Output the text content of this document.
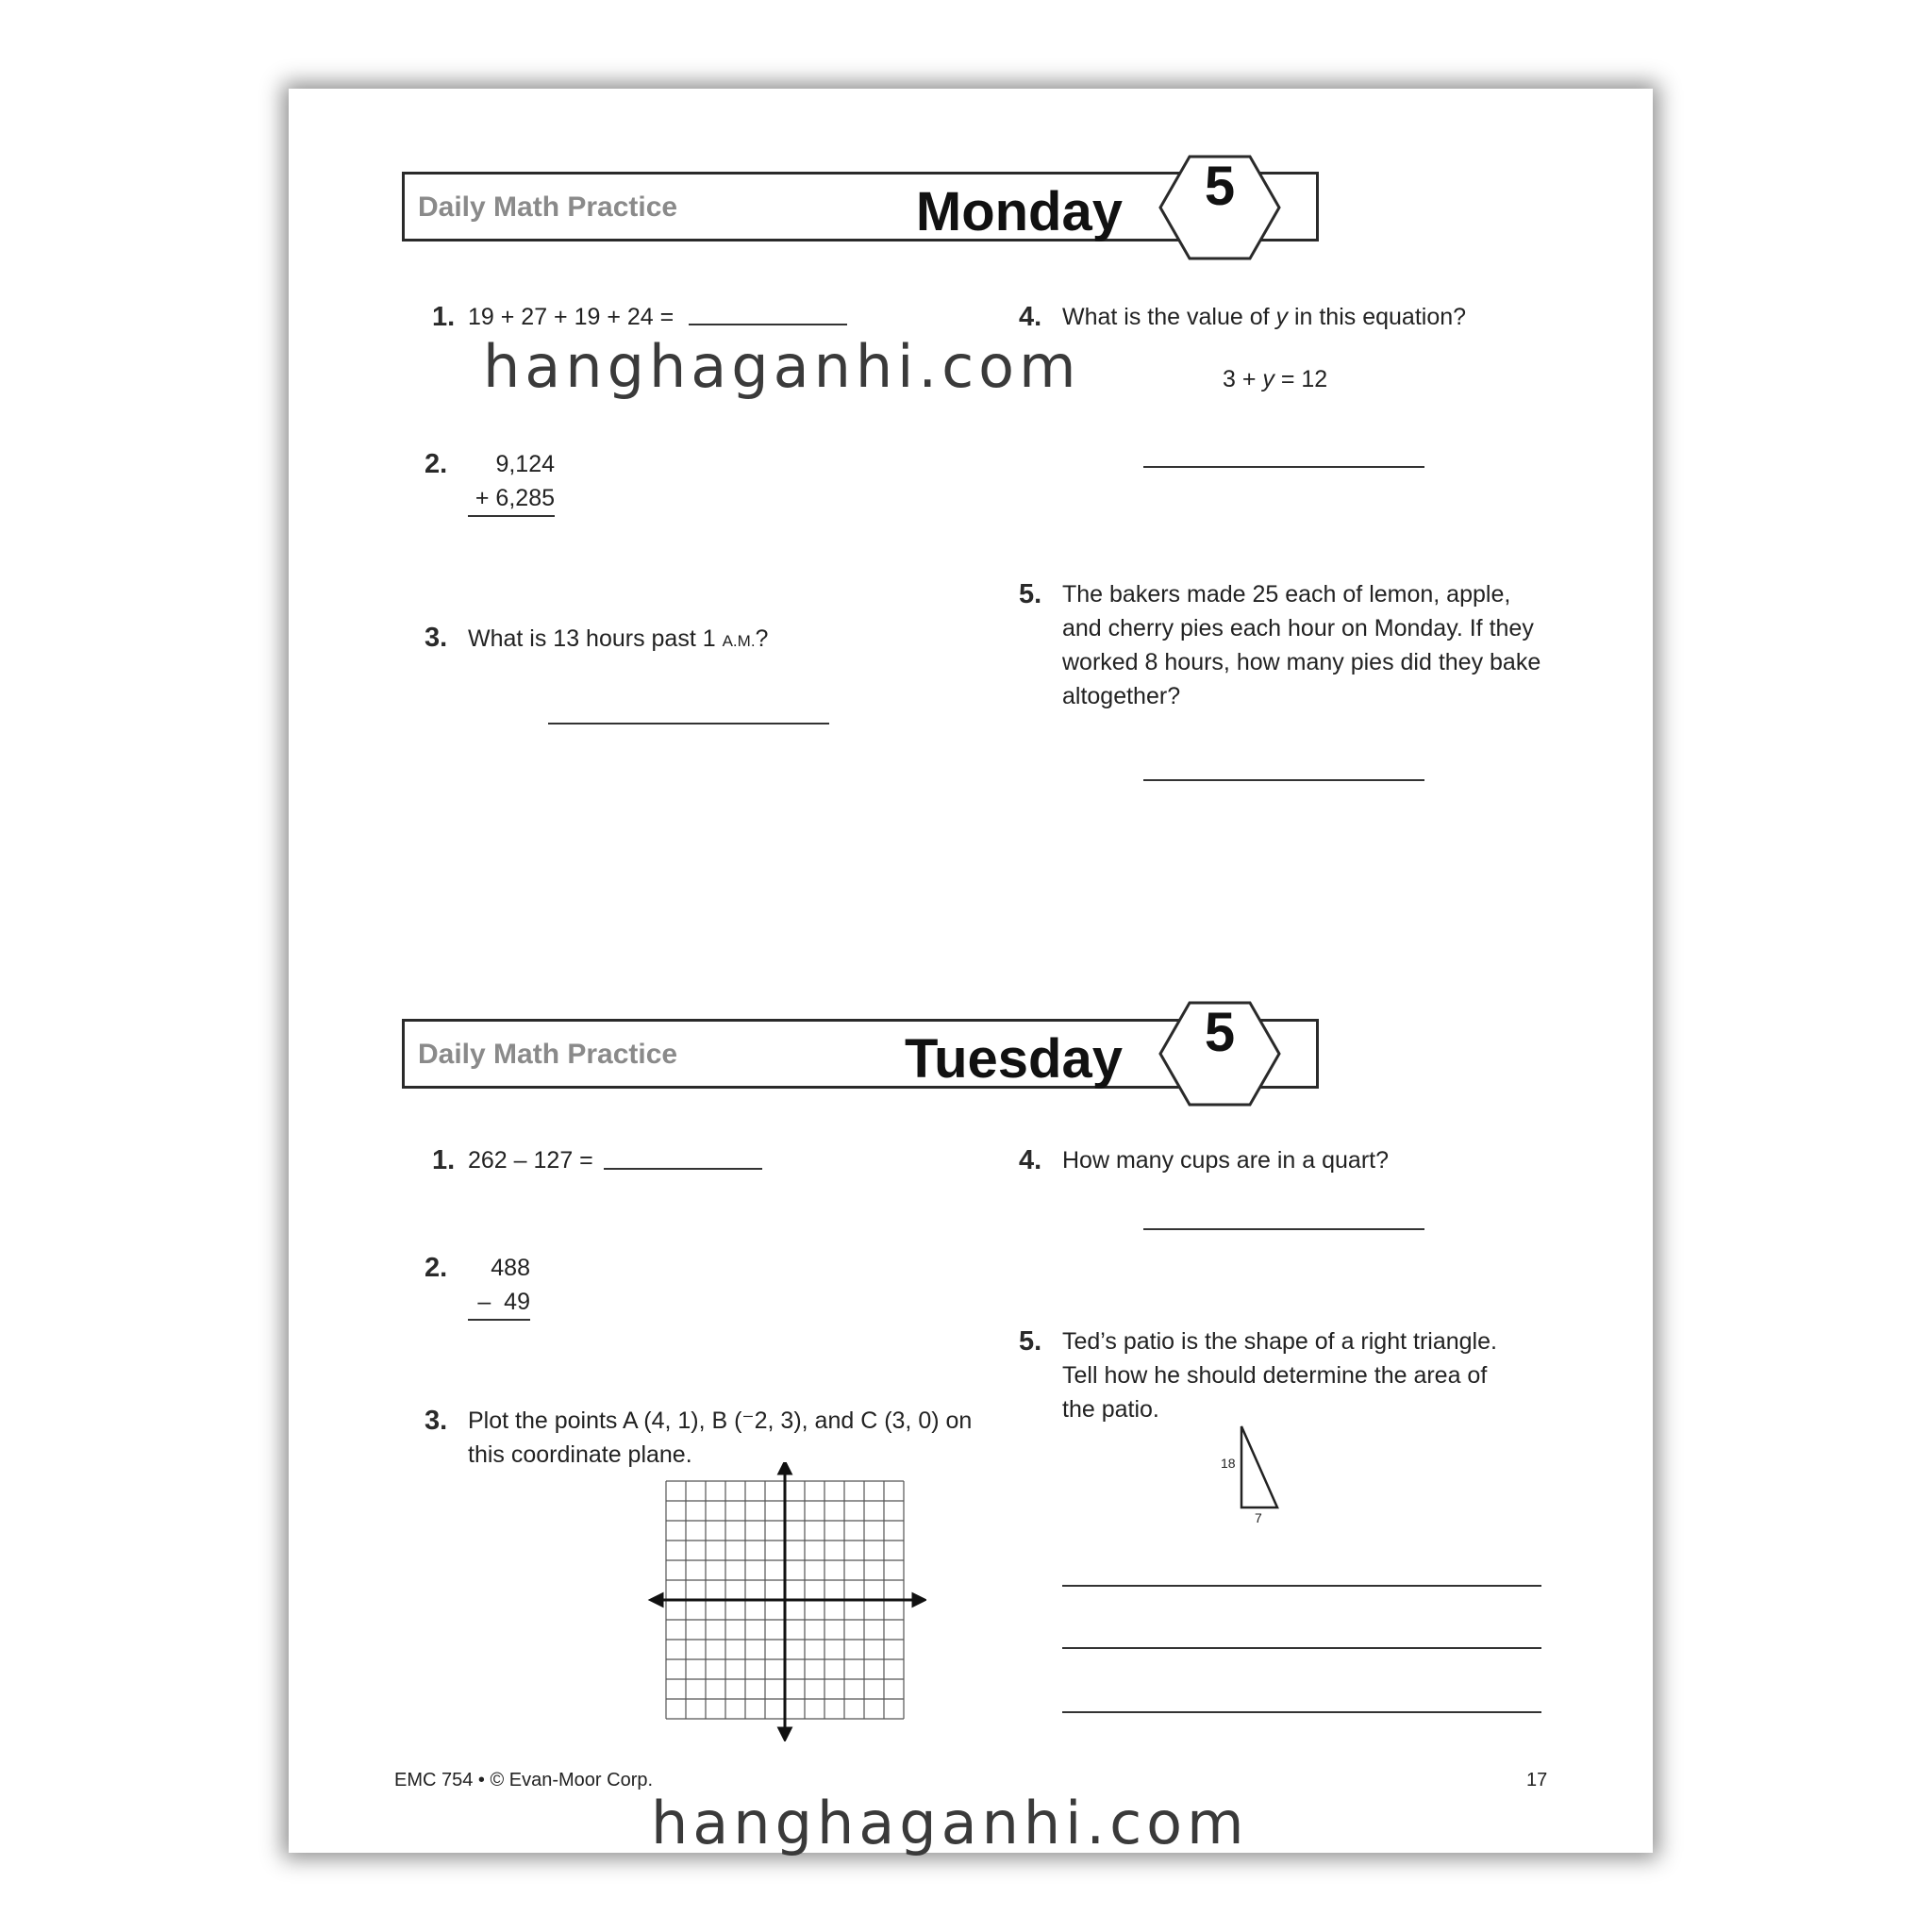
Daily Math Practice	Monday	5
1. 19 + 27 + 19 + 24 =
2.	9,124
+ 6,285
3. What is 13 hours past 1 A.M.?
4. What is the value of y in this equation?
3 + y = 12
5. The bakers made 25 each of lemon, apple,
and cherry pies each hour on Monday. If they
worked 8 hours, how many pies did they bake
altogether?
Daily Math Practice	Tuesday	5
1. 262 – 127 =
2.	488
–  49
3. Plot the points A (4, 1), B (⁻2, 3), and C (3, 0) on
this coordinate plane.
4. How many cups are in a quart?
5. Ted’s patio is the shape of a right triangle.
Tell how he should determine the area of
the patio.
18
7
EMC 754 • © Evan-Moor Corp.	17
hanghaganhi.com
hanghaganhi.com
